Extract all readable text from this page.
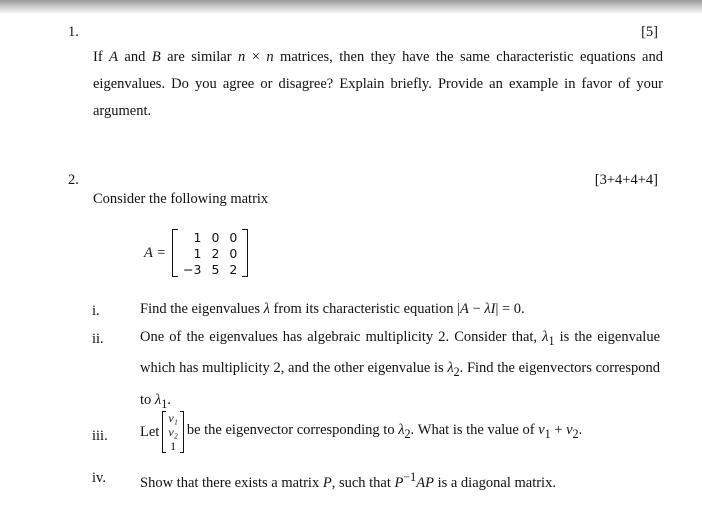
1.	[5]
If A and B are similar n × n matrices, then they have the same characteristic equations and eigenvalues. Do you agree or disagree? Explain briefly. Provide an example in favor of your argument.
2.	[3+4+4+4]
Consider the following matrix
A =
1	0	0
1	2	0
−3	5	2
i.	Find the eigenvalues λ from its characteristic equation |A − λI| = 0.
ii.	One of the eigenvalues has algebraic multiplicity 2. Consider that, $\lambda_1$ is the eigenvalue which has multiplicity 2, and the other eigenvalue is $\lambda_2$. Find the eigenvectors correspond to $\lambda_1$.
iii. Let
v₁
v₂
1
be the eigenvector corresponding to $\lambda_2$. What is the value of $v_1 + v_2$.
iv. Show that there exists a matrix P, such that $P^{-1}AP$ is a diagonal matrix.
